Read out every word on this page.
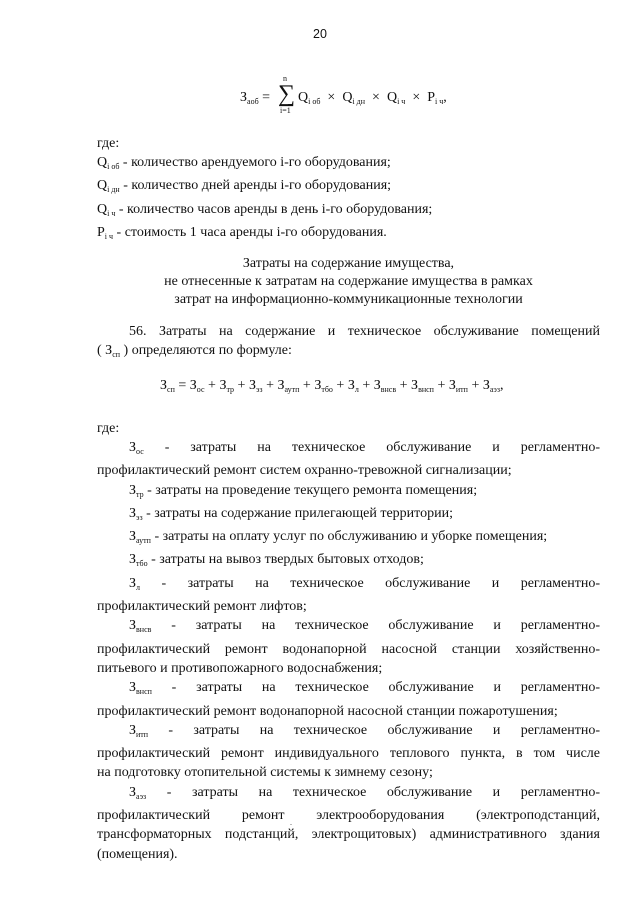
20
$З_{аоб}$ =
n
∑
i=1
$Q_{i об} \times Q_{i дн} \times Q_{i ч} \times P_{i ч}$,
где:
$Q_{i об}$ - количество арендуемого i-го оборудования;
$Q_{i дн}$ - количество дней аренды i-го оборудования;
$Q_{i ч}$ - количество часов аренды в день i-го оборудования;
$P_{i ч}$ - стоимость 1 часа аренды i-го оборудования.
Затраты на содержание имущества,
не отнесенные к затратам на содержание имущества в рамках
затрат на информационно-коммуникационные технологии
56. Затраты на содержание и техническое обслуживание помещений
( $З_{сп}$ ) определяются по формуле:
$З_{сп} = З_{ос} + З_{тр} + З_{эз} + З_{аутп} + З_{тбо} + З_л + З_{внсв} + З_{внсп} + З_{итп} + З_{аэз}$,
где:
$З_{ос}$ - затраты на техническое обслуживание и регламентно-
профилактический ремонт систем охранно-тревожной сигнализации;
$З_{тр}$ - затраты на проведение текущего ремонта помещения;
$З_{эз}$ - затраты на содержание прилегающей территории;
$З_{аутп}$ - затраты на оплату услуг по обслуживанию и уборке помещения;
$З_{тбо}$ - затраты на вывоз твердых бытовых отходов;
$З_л$ - затраты на техническое обслуживание и регламентно-
профилактический ремонт лифтов;
$З_{внсв}$ - затраты на техническое обслуживание и регламентно-
профилактический ремонт водонапорной насосной станции хозяйственно-
питьевого и противопожарного водоснабжения;
$З_{внсп}$ - затраты на техническое обслуживание и регламентно-
профилактический ремонт водонапорной насосной станции пожаротушения;
$З_{итп}$ - затраты на техническое обслуживание и регламентно-
профилактический ремонт индивидуального теплового пункта, в том числе
на подготовку отопительной системы к зимнему сезону;
$З_{аэз}$ - затраты на техническое обслуживание и регламентно-
профилактический ремонт электрооборудования (электроподстанций,
трансформаторных подстанций, электрощитовых) административного здания
(помещения).
